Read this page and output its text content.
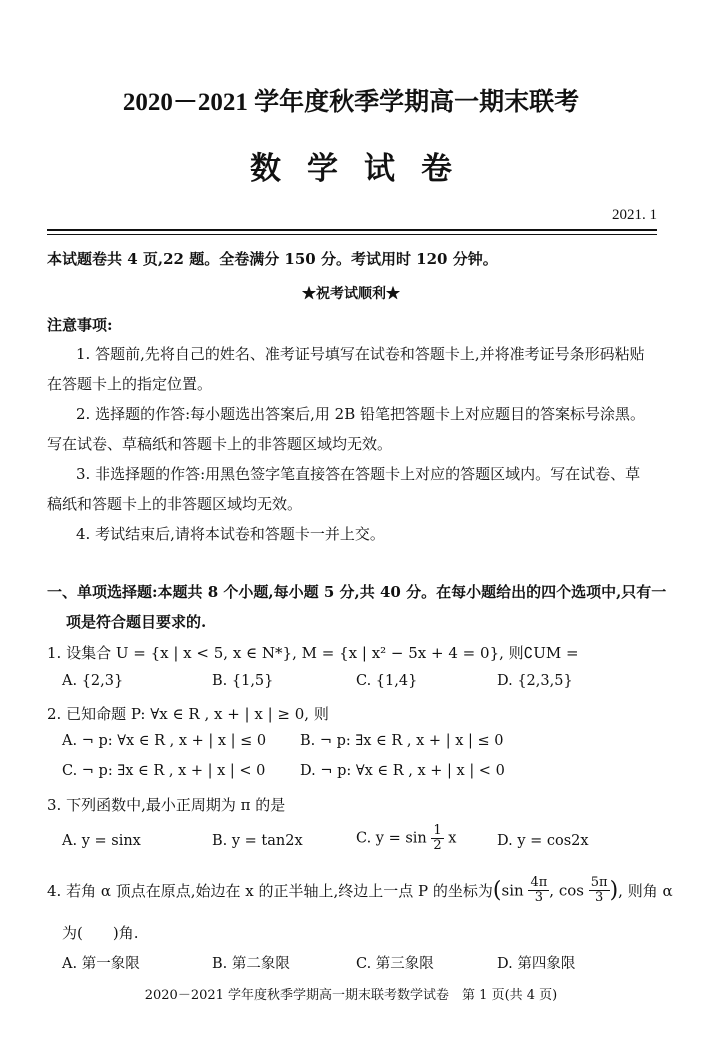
2020－2021 学年度秋季学期高一期末联考
数学试卷
2021. 1
本试题卷共 4 页,22 题。全卷满分 150 分。考试用时 120 分钟。
★祝考试顺利★
注意事项:
1. 答题前,先将自己的姓名、准考证号填写在试卷和答题卡上,并将准考证号条形码粘贴
在答题卡上的指定位置。
2. 选择题的作答:每小题选出答案后,用 2B 铅笔把答题卡上对应题目的答案标号涂黑。
写在试卷、草稿纸和答题卡上的非答题区域均无效。
3. 非选择题的作答:用黑色签字笔直接答在答题卡上对应的答题区域内。写在试卷、草
稿纸和答题卡上的非答题区域均无效。
4. 考试结束后,请将本试卷和答题卡一并上交。
一、单项选择题:本题共 8 个小题,每小题 5 分,共 40 分。在每小题给出的四个选项中,只有一
项是符合题目要求的.
1. 设集合 U = {x | x < 5, x ∈ N*}, M = {x | x² − 5x + 4 = 0}, 则∁UM =
A. {2,3}	B. {1,5}	C. {1,4}	D. {2,3,5}
2. 已知命题 P: ∀x ∈ R , x + | x | ≥ 0, 则
A. ¬ p: ∀x ∈ R , x + | x | ≤ 0 B. ¬ p: ∃x ∈ R , x + | x | ≤ 0
C. ¬ p: ∃x ∈ R , x + | x | < 0 D. ¬ p: ∀x ∈ R , x + | x | < 0
3. 下列函数中,最小正周期为 π 的是
A. y = sinx	B. y = tan2x	C. $y = \sin \frac{1}{2}$ x	D. y = cos2x
4. 若角 α 顶点在原点,始边在 x 的正半轴上,终边上一点 P 的坐标为($\sin \frac{4\pi}{3}$ , $\cos \frac{5\pi}{3}$ ), 则角 α
为(　　)角.
A. 第一象限	B. 第二象限	C. 第三象限	D. 第四象限
2020－2021 学年度秋季学期高一期末联考数学试卷　第 1 页(共 4 页)
